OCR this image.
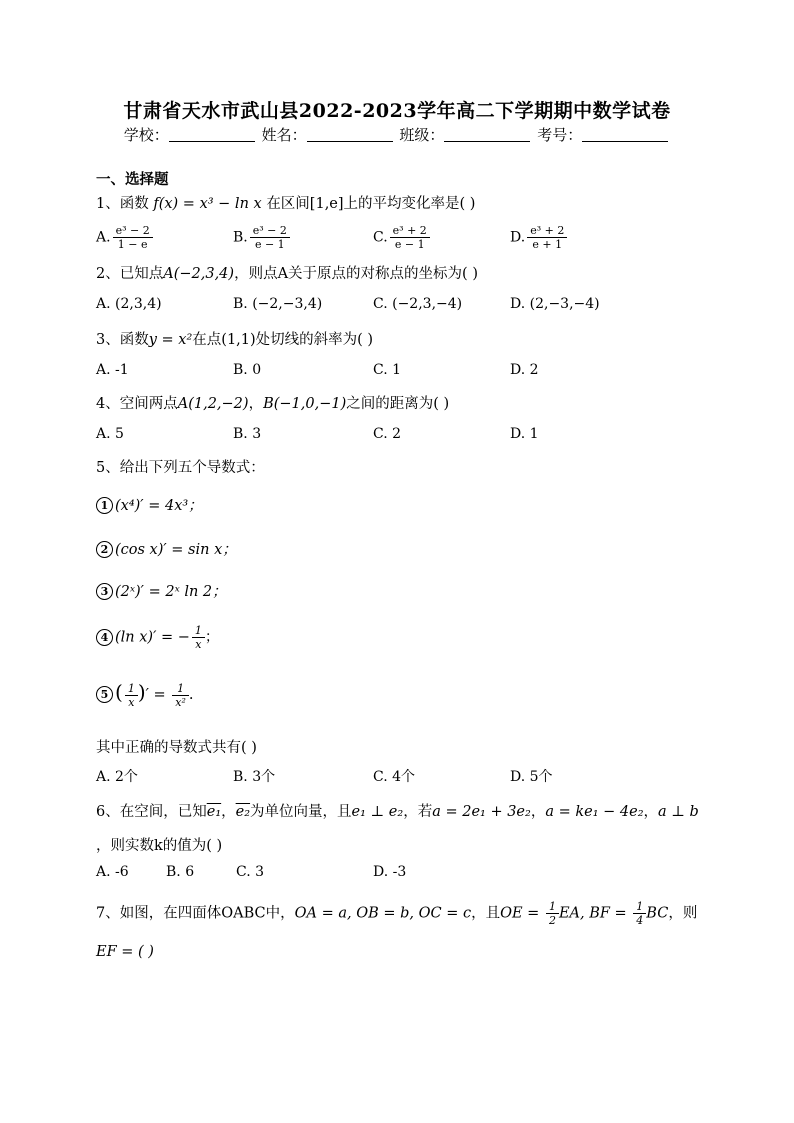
甘肃省天水市武山县2022-2023学年高二下学期期中数学试卷
学校：	姓名：	班级：	考号：
一、选择题
1、函数 f(x) = x³ − ln x 在区间[1,e]上的平均变化率是( )
A. $\frac{\text{e³ − 2}}{1 - e}$	B. $\frac{\text{e³ − 2}}{e - 1}$	C. $\frac{\text{e³ + 2}}{e - 1}$	D. $\frac{\text{e³ + 2}}{e + 1}$
2、已知点A(−2,3,4)，则点A关于原点的对称点的坐标为( )
A. (2,3,4)	B. (−2,−3,4)	C. (−2,3,−4)	D. (2,−3,−4)
3、函数y = x²在点(1,1)处切线的斜率为( )
A. -1	B. 0	C. 1	D. 2
4、空间两点A(1,2,−2)，B(−1,0,−1)之间的距离为( )
A. 5	B. 3	C. 2	D. 1
5、给出下列五个导数式：
1 (x⁴)′ = 4x³；
2 (cos x)′ = sin x；
3 (2ˣ)′ = 2ˣ ln 2；
4 (ln x)′ = − $\frac{1}{x}$ ；
5 ( $\frac{1}{x}$ )′ = $\frac{1}{\text{x²}}$ .
其中正确的导数式共有( )
A. 2个	B. 3个	C. 4个	D. 5个
6、在空间，已知e₁，e₂为单位向量，且e₁ ⊥ e₂，若a = 2e₁ + 3e₂，a = ke₁ − 4e₂，a ⊥ b
，则实数k的值为( )
A. -6	B. 6	C. 3	D. -3
7、如图，在四面体OABC中，OA = a, OB = b, OC = c，且OE = $\frac{1}{2}$ EA, BF = $\frac{1}{4}$ BC，则
EF = ( )
